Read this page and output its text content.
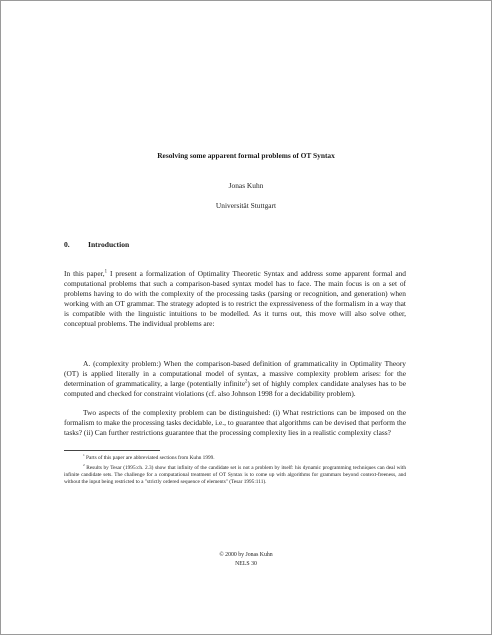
Resolving some apparent formal problems of OT Syntax
Jonas Kuhn
Universität Stuttgart
0. Introduction

In this paper,$^1$ I present a formalization of Optimality Theoretic Syntax and address some apparent formal and computational problems that such a comparison-based syntax model has to face. The main focus is on a set of problems having to do with the complexity of the processing tasks (parsing or recognition, and generation) when working with an OT grammar. The strategy adopted is to restrict the expressiveness of the formalism in a way that is compatible with the linguistic intuitions to be modelled. As it turns out, this move will also solve other, conceptual problems. The individual problems are:

A. (complexity problem:) When the comparison-based definition of grammaticality in Optimality Theory (OT) is applied literally in a computational model of syntax, a massive complexity problem arises: for the determination of grammaticality, a large (potentially infinite$^2$) set of highly complex candidate analyses has to be computed and checked for constraint violations (cf. also Johnson 1998 for a decidability problem).

Two aspects of the complexity problem can be distinguished: (i) What restrictions can be imposed on the formalism to make the processing tasks decidable, i.e., to guarantee that algorithms can be devised that perform the tasks? (ii) Can further restrictions guarantee that the processing complexity lies in a realistic complexity class?

$^1$ Parts of this paper are abbreviated sections from Kuhn 1999.

$^2$ Results by Tesar (1995:ch. 2.3) show that infinity of the candidate set is not a problem by itself: his dynamic programming techniques can deal with infinite candidate sets. The challenge for a computational treatment of OT Syntax is to come up with algorithms for grammars beyond context-freeness, and without the input being restricted to a "strictly ordered sequence of elements" (Tesar 1995:111).

© 2000 by Jonas Kuhn
NELS 30
